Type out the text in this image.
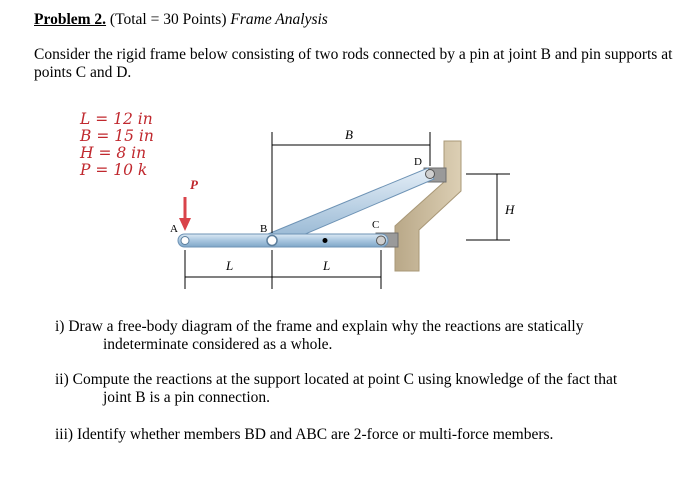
Problem 2. (Total = 30 Points) Frame Analysis
Consider the rigid frame below consisting of two rods connected by a pin at joint B and pin supports at points C and D.
L = 12 in
B = 15 in
H = 8 in
P = 10 k
P
A	B	C
D
B
H
L	L
i) Draw a free-body diagram of the frame and explain why the reactions are statically
indeterminate considered as a whole.
ii) Compute the reactions at the support located at point C using knowledge of the fact that
joint B is a pin connection.
iii) Identify whether members BD and ABC are 2-force or multi-force members.
